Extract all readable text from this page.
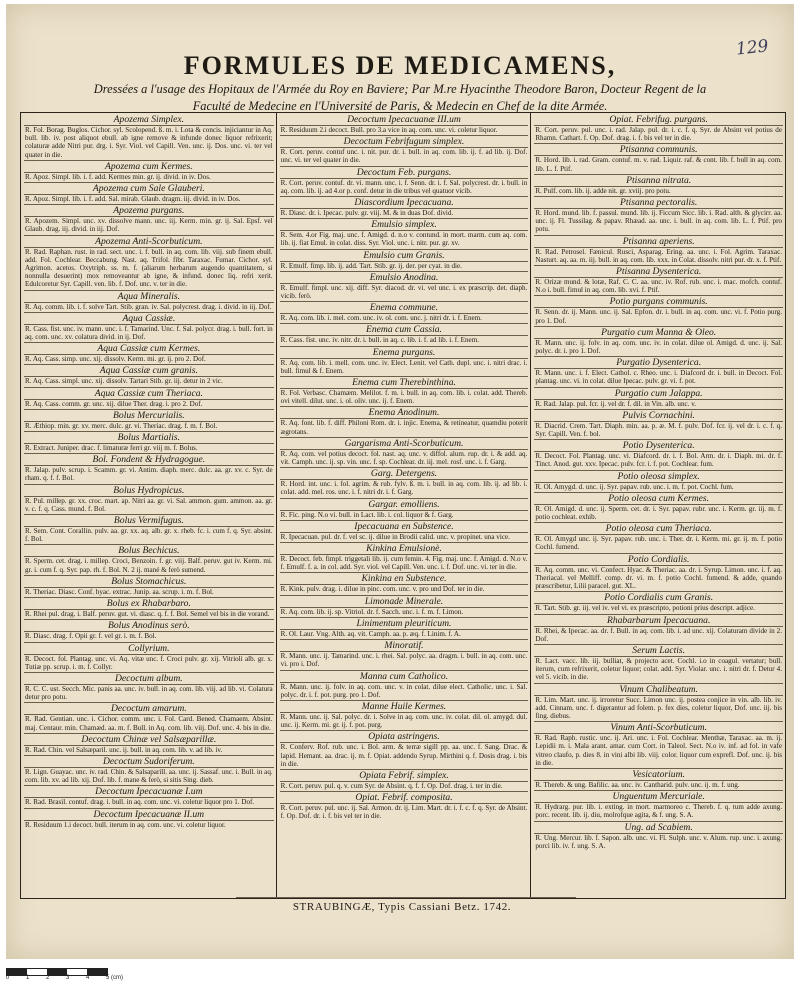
129
FORMULES DE MEDICAMENS,
Dressées a l'usage des Hopitaux de l'Armée du Roy en Baviere; Par M.re Hyacinthe Theodore Baron, Docteur Regent de la
Faculté de Medecine en l'Université de Paris, & Medecin en Chef de la dite Armée.
Apozema Simplex.
R. Fol. Borag. Buglos. Cichor. syl. Scolopend. ß. m. i. Lota & concis. injiciantur in Aq. bull. lib. iv. post aliquot ebull. ab igne remove & infunde donec liquor refrixerit; colaturæ adde Nitri pur. drg. i. Syr. Viol. vel Capill. Ven. unc. ij. Dos. unc. vi. ter vel quater in die.
Apozema cum Kermes.
R. Apoz. Simpl. lib. i. f. add. Kermes min. gr. ij. divid. in iv. Dos.
Apozema cum Sale Glauberi.
R. Apoz. Simpl. lib. i. f. add. Sal. mirab. Glaub. dragm. iij. divid. in iv. Dos.
Apozema purgans.
R. Apozem. Simpl. unc. xv. dissolve mann. unc. iij. Kerm. min. gr. ij. Sal. Epsf. vel Glaub. drag. iij. divid. in iij. Dof.
Apozema Anti-Scorbuticum.
R. Rad. Raphan. rust. in rad. sect. unc. i. f. bull. in aq. com. lib. viij. sub finem ebull. add. Fol. Cochlear. Beccabung. Nast. aq. Trifol. fibr. Taraxac. Fumar. Cichor. syl. Agrimon. acetos. Oxytriph. ss. m. f. (aliarum herbarum augendo quantitatem, si nonnulla desuerint) mox removeantur ab igne, & infund. donec liq. refri xerit. Edulcoretur Syr. Capill. ven. lib. f. Dof. unc. v. ter in die.
Aqua Mineralis.
R. Aq. comm. lib. i. f. solve Tart. Stib. gran. iv. Sal. polycrest. drag. i. divid. in iij. Dof.
Aqua Cassiæ.
R. Cass. fist. unc. iv. mann. unc. i. f. Tamarind. Unc. f. Sal. polycr. drag. i. bull. fort. in aq. com. unc. xv. colatura divid. in ij. Dof.
Aqua Cassiæ cum Kermes.
R. Aq. Cass. simp. unc. xij. dissolv. Kerm. mi. gr. ij. pro 2. Dof.
Aqua Cassiæ cum granis.
R. Aq. Cass. simpl. unc. xij. dissolv. Tartari Stib. gr. iij. detur in 2 vic.
Aqua Cassiæ cum Theriaca.
R. Aq. Cass. comm. gr. unc. xij. dilue Ther. drag. i. pro 2. Dof.
Bolus Mercurialis.
R. Æthiop. min. gr. xv. merc. dulc. gr. vi. Theriac. drag. f. m. f. Bol.
Bolus Martialis.
R. Extract. Juniper. drac. f. limaturæ ferri gr. viij m. f. Bolus.
Bol. Fondent & Hydragogue.
R. Jalap. pulv. scrup. i. Scamm. gr. vi. Antim. diaph. merc. dulc. aa. gr. xv. c. Syr. de rham. q. f. f. Bol.
Bolus Hydropicus.
R. Pul. millep. gr. xx. croc. mart. ap. Nitri aa. gr. vi. Sal. ammon. gum. ammon. aa. gr. v. c. f. q. Cass. mund. f. Bol.
Bolus Vermifugus.
R. Sem. Cont. Corallin. pulv. aa. gr. xx. aq. alb. gr. x. rheb. fc. i. cum f. q. Syr. absint. f. Bol.
Bolus Bechicus.
R. Sperm. cet. drag. i. millep. Croci, Benzoin. f. gr. viij. Balf. peruv. gut iv. Kerm. mi. gr. i. cum f. q. Syr. pap. rh. f. Bol. N. 2 ij. mané & ferò sumend.
Bolus Stomachicus.
R. Theriac. Diasc. Conf. hyac. extrac. Junip. aa. scrup. i. m. f. Bol.
Bolus ex Rhabarbaro.
R. Rhei pul. drag. i. Balf. peruv. gut. vi. diasc. q. f. f. Bol. Semel vel bis in die vorand.
Bolus Anodinus serò.
R. Diasc. drag. f. Opii gr. f. vel gr. i. m. f. Bol.
Collyrium.
R. Decoct. fol. Plantag. unc. vi. Aq. vitæ unc. f. Croci pulv. gr. xij. Vitrioli alb. gr. x. Tutiæ pp. scrup. i. m. f. Collyr.
Decoctum album.
R. C. C. ust. Secch. Mic. panis aa. unc. iv. bull. in aq. com. lib. viij. ad lib. vi. Colatura detur pro potu.
Decoctum amarum.
R. Rad. Gentian. unc. i. Cichor. comm. unc. i. Fol. Card. Bened. Chamaem. Absint. maj. Centaur. min. Chamæd. aa. m. f. Bull. in Aq. com. lib. viij. Dof. unc. 4. bis in die.
Decoctum Chinæ vel Salsæparillæ.
R. Rad. Chin. vel Salsæparil. unc. ij. bull. in aq. com. lib. v. ad lib. iv.
Decoctum Sudoriferum.
R. Lign. Guayac. unc. iv. rad. Chin. & Salsaparill. aa. unc. ij. Sassaf. unc. i. Bull. in aq. com. lib. xv. ad lib. xij. Dof. lib. f. mane & ferò, si sitis Sing. dieb.
Decoctum Ipecacuanæ I.um
R. Rad. Brasil. contuf. drag. i. bull. in aq. com. unc. vi. coletur liquor pro 1. Dof.
Decoctum Ipecacuanæ II.um
R. Residuum 1.i decoct. bull. iterum in aq. com. unc. vi. coletur liquor.
Decoctum Ipecacuanæ III.um
R. Residuum 2.i decoct. Bull. pro 3.a vice in aq. com. unc. vi. coletur liquor.
Decoctum Febrifugum simplex.
R. Cort. peruv. contuf unc. i. nit. pur. dr. i. bull. in aq. com. lib. ij. f. ad lib. ij. Dof. unc. vi. ter vel quater in die.
Decoctum Feb. purgans.
R. Cort. peruv. contuf. dr. vi. mann. unc. i. f. Senn. dr. i. f. Sal. polycrest. dr. i. bull. in aq. com. lib. ij. ad 4.or p. conf. detur in die tribus vel quatuor vicib.
Diascordium Ipecacuana.
R. Diasc. dr. i. Ipecac. pulv. gr. viij. M. & in duas Dof. divid.
Emulsio simplex.
R. Sem. 4.or Fig. maj. unc. f. Amigd. d. n.o v. contund. in mort. marm. cum aq. com. lib. ij. fiat Emul. in colat. diss. Syr. Viol. unc. i. nitr. pur. gr. xv.
Emulsio cum Granis.
R. Emulf. fimp. lib. ij. add. Tart. Stib. gr. ij. der. per cyat. in die.
Emulsio Anodina.
R. Emulf. fimpl. unc. xij. diff. Syr. diacod. dr. vi. vel unc. i. ex præscrip. det. diaph. vicib. ferò.
Enema commune.
R. Aq. com. lib. i. mel. com. unc. iv. ol. com. unc. j. nitri dr. i. f. Enem.
Enema cum Cassia.
R. Cass. fist. unc. iv. nitr. dr. i. bull. in aq. c. lib. i. f. ad lib. i. f. Enem.
Enema purgans.
R. Aq. com. lib. i. mell. com. unc. iv. Elect. Lenit. vel Cath. dupl. unc. i. nitri drac. i. bull. fimul & f. Enem.
Enema cum Therebinthina.
R. Fol. Verbasc. Chamæm. Melilot. f. m. i. bull. in aq. com. lib. i. colat. add. Thereb. ovi vitell. dilut. unc. i. ol. oliv. unc. ij. f. Enem.
Enema Anodinum.
R. Aq. font. lib. f. diff. Philoni Rom. dr. i. injic. Enema, & retineatur, quamdiu poterit ægrotans.
Gargarisma Anti-Scorbuticum.
R. Aq. com. vel potius decoct. fol. nast. aq. unc. v. diffol. alum. rup. dr. i. & add. aq. vit. Camph. unc. ij. sp. vin. unc. f. sp. Cochlear. dr. iij. mel. rosf. unc. i. f. Garg.
Garg. Detergens.
R. Hord. int. unc. i. fol. agrim. & rub. fylv. ß. m. i. bull. in aq. com. lib. ij. ad lib. i. colat. add. mel. ros. unc. i. f. nitri dr. i. f. Garg.
Gargar. emolliens.
R. Fic. ping. N.o vi. bull. in Lact. lib. i. col. liquor & f. Garg.
Ipecacuana en Substence.
R. Ipecacuan. pul. dr. f. vel sc. ij. dilue in Brodii calid. unc. v. propinet. una vice.
Kinkina Emulsionè.
R. Decoct. feb. fimpl. triggetali lib. ij. cum femin. 4. Fig. maj. unc. f. Amigd. d. N.o v. f. Emulf. f. a. in col. add. Syr. viol. vel Capill. Ven. unc. i. f. Dof. unc. vi. ter in die.
Kinkina en Substence.
R. Kink. pulv. drag. i. dilue in pinc. com. unc. v. pro und Dof. ter in die.
Limonade Minerale.
R. Aq. com. lib. ij. sp. Vitriol. dr. f. Sacch. unc. i. f. m. f. Limon.
Linimentum pleuriticum.
R. Ol. Laur. Vng. Alth. aq. vit. Camph. aa. p. æq. f. Linim. f. A.
Minoratif.
R. Mann. unc. ij. Tamarind. unc. i. rhei. Sal. polyc. aa. dragm. i. bull. in aq. com. unc. vi. pro i. Dof.
Manna cum Catholico.
R. Mann. unc. ij. folv. in aq. com. unc. v. in colat. dilue elect. Catholic. unc. i. Sal. polyc. dr. i. f. pot. purg. pro 1. Dof.
Manne Huile Kermes.
R. Mann. unc. ij. Sal. polyc. dr. i. Solve in aq. com. unc. iv. colat. dil. ol. amygd. dul. unc. ij. Kerm. mi. gr. ij. f. pot. purg.
Opiata astringens.
R. Conferv. Rof. rub. unc. i. Bol. arm. & terræ sigill pp. aa. unc. f. Sang. Drac. & lapid. Hemant. aa. drac. ij. m. f. Opiat. addendo Syrup. Mirthini q. f. Dosis drag. i. bis in die.
Opiata Febrif. simplex.
R. Cort. peruv. pul. q. v. cum Syr. de Absint. q. f. f. Op. Dof. drag. i. ter in die.
Opiat. Febrif. composita.
R. Cort. peruv. pul. unc. ij. Sal. Armon. dr. ij. Lim. Mart. dr. i. f. c. f. q. Syr. de Absint. f. Op. Dof. dr. i. f. bis vel ter in die.
Opiat. Febrifug. purgans.
R. Cort. peruv. pul. unc. i. rad. Jalap. pul. dr. i. c. f. q. Syr. de Absint vel potius de Rhamn. Cathart. f. Op. Dof. drag. i. f. bis vel ter in die.
Ptisanna communis.
R. Hord. lib. i. rad. Gram. contuf. m. v. rad. Liquir. raf. & cont. lib. f. bull in aq. com. lib. L. f. Ptif.
Ptisanna nitrata.
R. Pulf. com. lib. ij. adde nit. gr. xviij. pro potu.
Ptisanna pectoralis.
R. Hord. mund. lib. f. passul. mund. lib. ij. Ficcum Sicc. lib. i. Rad. alth. & glycirr. aa. unc. ij. Fl. Tussilag. & papav. Rhæad. aa. unc. i. bull. in aq. com. lib. L. f. Ptif. pro potu.
Ptisanna aperiens.
R. Rad. Petrosel. Fænicul. Rusci, Asparag. Ering. aa. unc. i. Fol. Agrim. Taraxac. Nasturt. aq. aa. m. iij. bull. in aq. com. lib. xxx. in Colat. dissolv. nitri pur. dr. x. f. Ptif.
Ptisanna Dysenterica.
R. Orizæ mund. & lotæ, Raf. C. C. aa. unc. iv. Rof. rub. unc. i. mac. mofch. contuf. N.o i. bull. fimul in aq. com. lib. xvi. f. Ptif.
Potio purgans communis.
R. Senn. dr. ij. Mann. unc. ij. Sal. Epfon. dr. i. bull. in aq. com. unc. vi. f. Potio purg. pro 1. Dof.
Purgatio cum Manna & Oleo.
R. Mann. unc. ij. folv. in aq. com. unc. iv. in colat. dilue ol. Amigd. d. unc. ij. Sal. polyc. dr. i. pro 1. Dof.
Purgatio Dysenterica.
R. Mann. unc. i. f. Elect. Cathol. c. Rheo. unc. i. Diafcord dr. i. bull. in Decoct. Fol. plantag. unc. vi. in colat. dilue Ipecac. pulv. gr. vi. f. pot.
Purgatio cum Jalappa.
R. Rad. Jalap. pul. fcr. ij. vel dr. f. dil. in Vin. alb. unc. v.
Pulvis Cornachini.
R. Diacrid. Crem. Tart. Diaph. min. aa. p. æ. M. f. pulv. Dof. fcr. ij. vel dr. i. c. f. q. Syr. Capill. Ven. f. bol.
Potio Dysenterica.
R. Decoct. Fol. Plantag. unc. vi. Diafcord. dr. i. f. Bol. Arm. dr. i. Diaph. mi. dr. f. Tinct. Anod. gut. xxv. Ipecac. pulv. fcr. i. f. pot. Cochlear. fum.
Potio oleosa simplex.
R. Ol. Amygd. d. unc. ij. Syr. papav. rub. unc. i. m. f. pot. Cochl. fum.
Potio oleosa cum Kermes.
R. Ol. Amigd. d. unc. ij. Sperm. cet. dr. i. Syr. papav. rubr. unc. i. Kerm. gr. iij. m. f. potio cochleat. exhib.
Potio oleosa cum Theriaca.
R. Ol. Amygd unc. ij. Syr. papav. rub. unc. i. Ther. dr. i. Kerm. mi. gr. ij. m. f. potio Cochl. fumend.
Potio Cordialis.
R. Aq. comm. unc. vi. Confect. Hyac. & Theriac. aa. dr. i. Syrup. Limon. unc. i. f. aq. Theriacal. vel Melliff. comp. dr. vi. m. f. potio Cochl. fumend. & adde, quando præscribetur, Lilii paracel. gut. XL.
Potio Cordialis cum Granis.
R. Tart. Stib. gr. iij. vel iv. vel vi. ex præscripto, potioni prius descript. adjice.
Rhabarbarum Ipecacuana.
R. Rhei, & Ipecac. aa. dr. f. Bull. in aq. com. lib. i. ad unc. xij. Colaturam divide in 2. Dof.
Serum Lactis.
R. Lact. vacc. lib. iij. bulliat, & projecto acet. Cochl. i.o in coagul. vertatur; bull. iterum, cum refrixerit, coletur liquor; colat. add. Syr. Violar. unc. i. nitri dr. f. Detur 4. vel 5. vicib. in die.
Vinum Chalibeatum.
R. Lim. Mart. unc. ij. irroretur Succ. Limon unc. ij. postea conjice in vin. alb. lib. iv. add. Cinnam. unc. f. digerantur ad folem. p. fex dies, coletur liquor, Dof. unc. iij. bis fing. diebus.
Vinum Anti-Scorbuticum.
R. Rad. Raph. rustic. unc. ij. Ari. unc. i. Fol. Cochlear. Menthæ, Taraxac. aa. m. ij. Lepidii m. i. Mala arant. amar. cum Cort. in Taleol. Sect. N.o iv. inf. ad fol. in vafe vitreo claufo, p. dies 8. in vini albi lib. viij. color. liquor cum exprefl. Dof. unc. ij. bis in die.
Vesicatorium.
R. Thereb. & ung. Bafilic. aa. unc. iv. Cantharid. pulv. unc. ij. m. f. ung.
Unguentum Mercuriale.
R. Hydrarg. pur. lib. i. exting. in mort. marmoreo c. Thereb. f. q. tum adde axung. porc. recent. lib. ij. diu, molrofque agita, & f. ung. S. A.
Ung. ad Scabiem.
R. Ung. Mercur. lib. f. Sapon. alb. unc. vi. Fl. Sulph. unc. v. Alum. rup. unc. i. axung. porci lib. iv. f. ung. S. A.
STRAUBINGÆ, Typis Cassiani Betz. 1742.
0	1	2	3	4	5 (cm)
